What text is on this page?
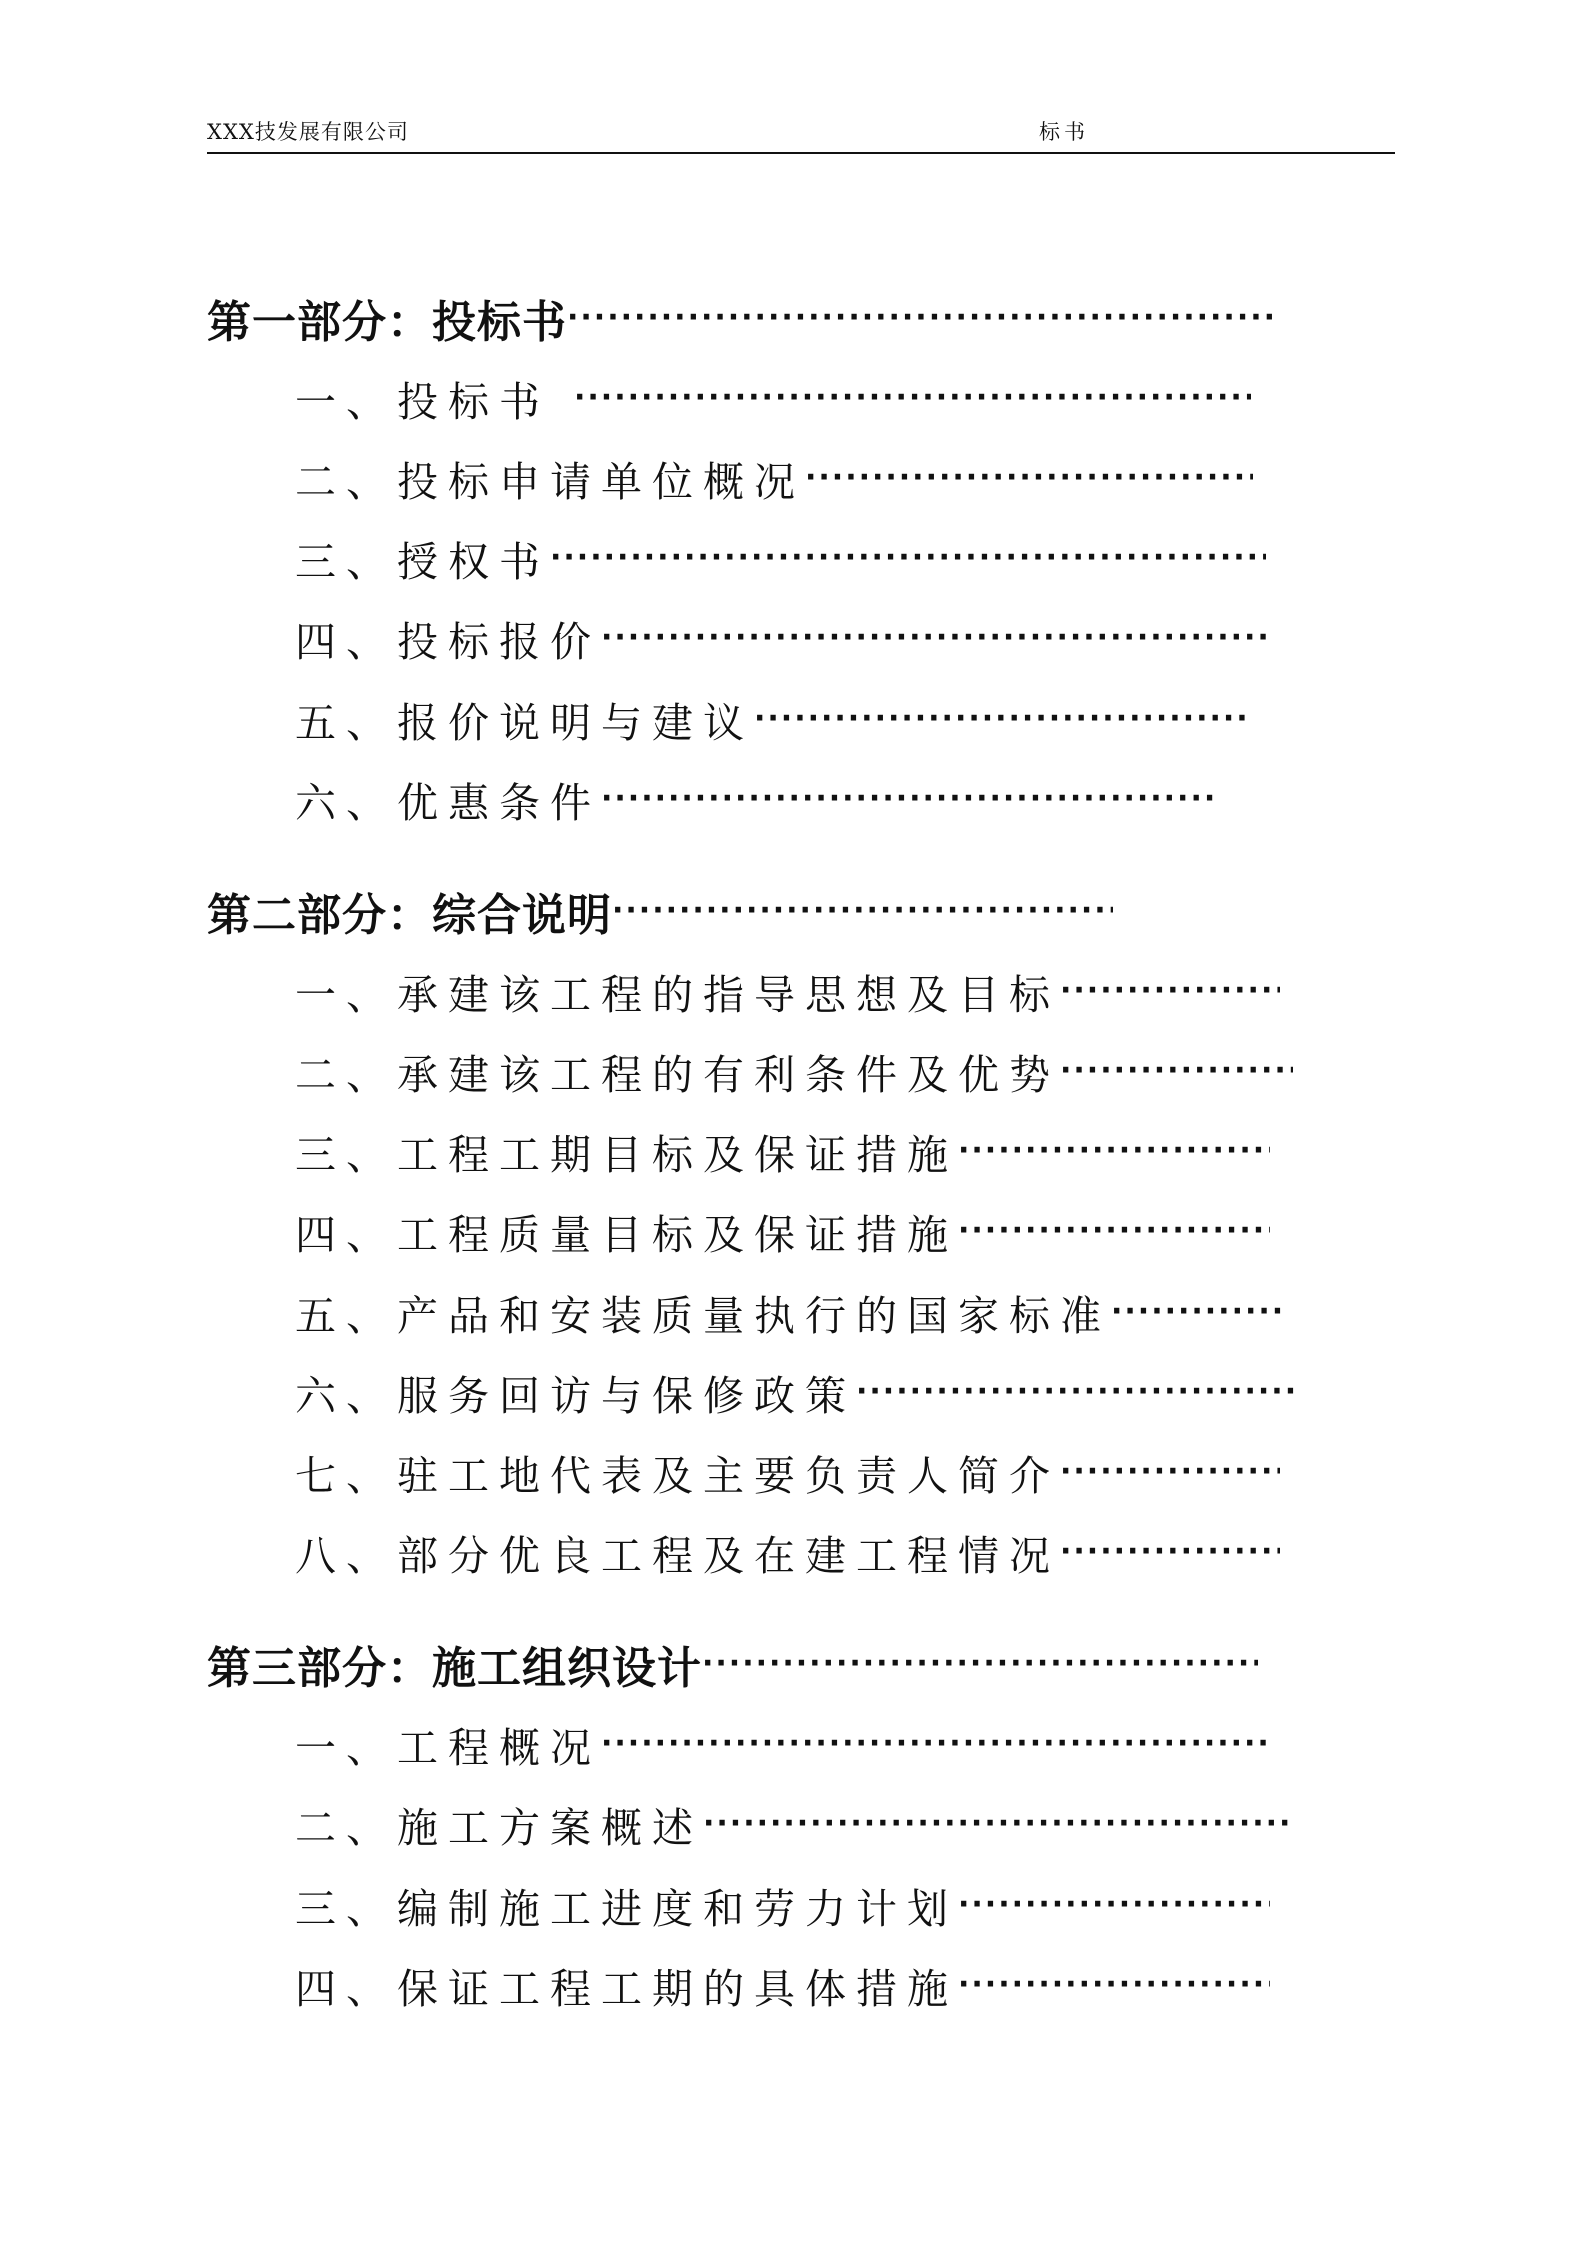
XXX技发展有限公司	标书
第一部分：投标书
·····
一、投标书
·····
二、投标申请单位概况
·····
三、授权书
·····
四、投标报价
·····
五、报价说明与建议
·····
六、优惠条件
·····
第二部分：综合说明
·····
一、承建该工程的指导思想及目标
·····
二、承建该工程的有利条件及优势
·····
三、工程工期目标及保证措施
·····
四、工程质量目标及保证措施
·····
五、产品和安装质量执行的国家标准
·····
六、服务回访与保修政策
·····
七、驻工地代表及主要负责人简介
·····
八、部分优良工程及在建工程情况
·····
第三部分：施工组织设计
·····
一、工程概况
·····
二、施工方案概述
·····
三、编制施工进度和劳力计划
·····
四、保证工程工期的具体措施
·····
